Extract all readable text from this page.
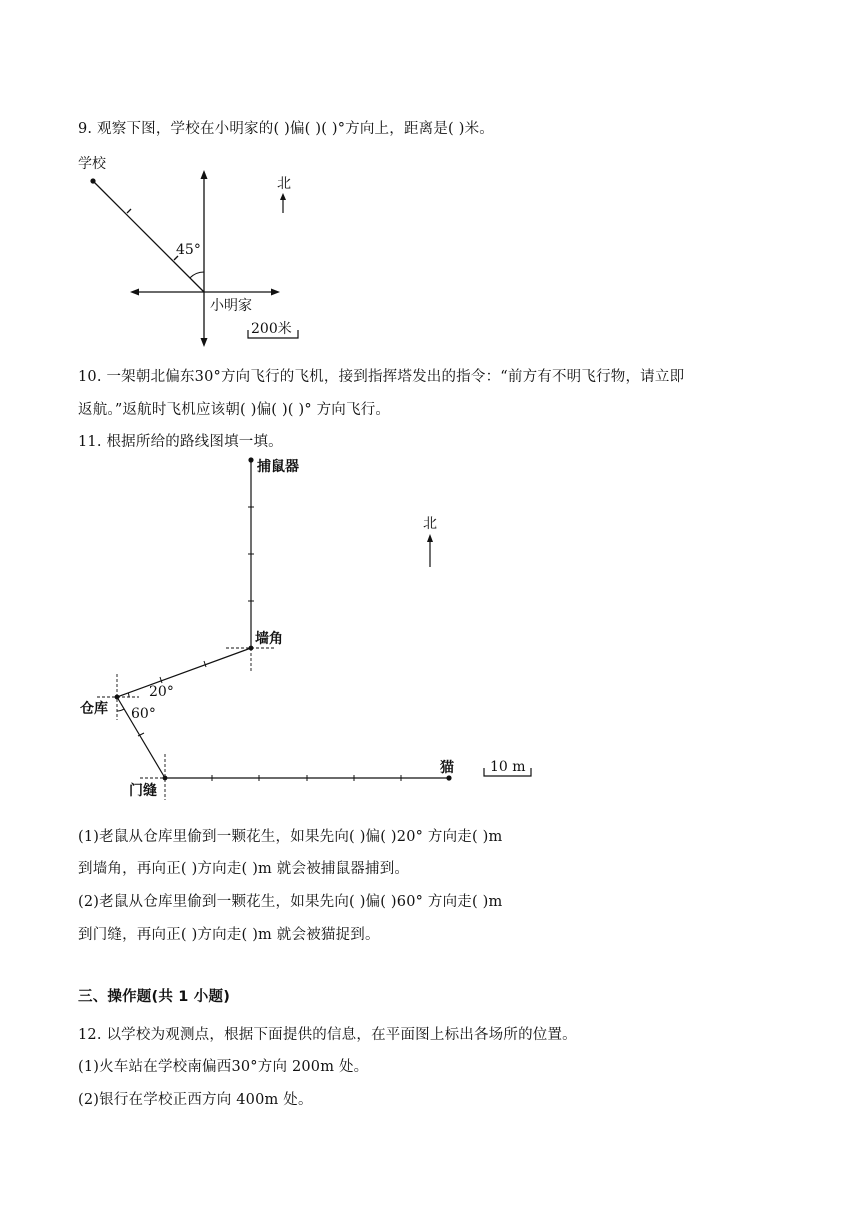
9. 观察下图，学校在小明家的( )偏( )( )°方向上，距离是( )米。
学校
45°
小明家
北
200米
10. 一架朝北偏东30°方向飞行的飞机，接到指挥塔发出的指令：“前方有不明飞行物，请立即
返航。”返航时飞机应该朝( )偏( )( )° 方向飞行。
11. 根据所给的路线图填一填。
捕鼠器
墙角
20°
仓库 60°
门缝
猫
北
10 m
(1)老鼠从仓库里偷到一颗花生，如果先向( )偏( )20° 方向走( )m
到墙角，再向正( )方向走( )m 就会被捕鼠器捕到。
(2)老鼠从仓库里偷到一颗花生，如果先向( )偏( )60° 方向走( )m
到门缝，再向正( )方向走( )m 就会被猫捉到。
三、操作题(共 1 小题)
12. 以学校为观测点，根据下面提供的信息，在平面图上标出各场所的位置。
(1)火车站在学校南偏西30°方向 200m 处。
(2)银行在学校正西方向 400m 处。
